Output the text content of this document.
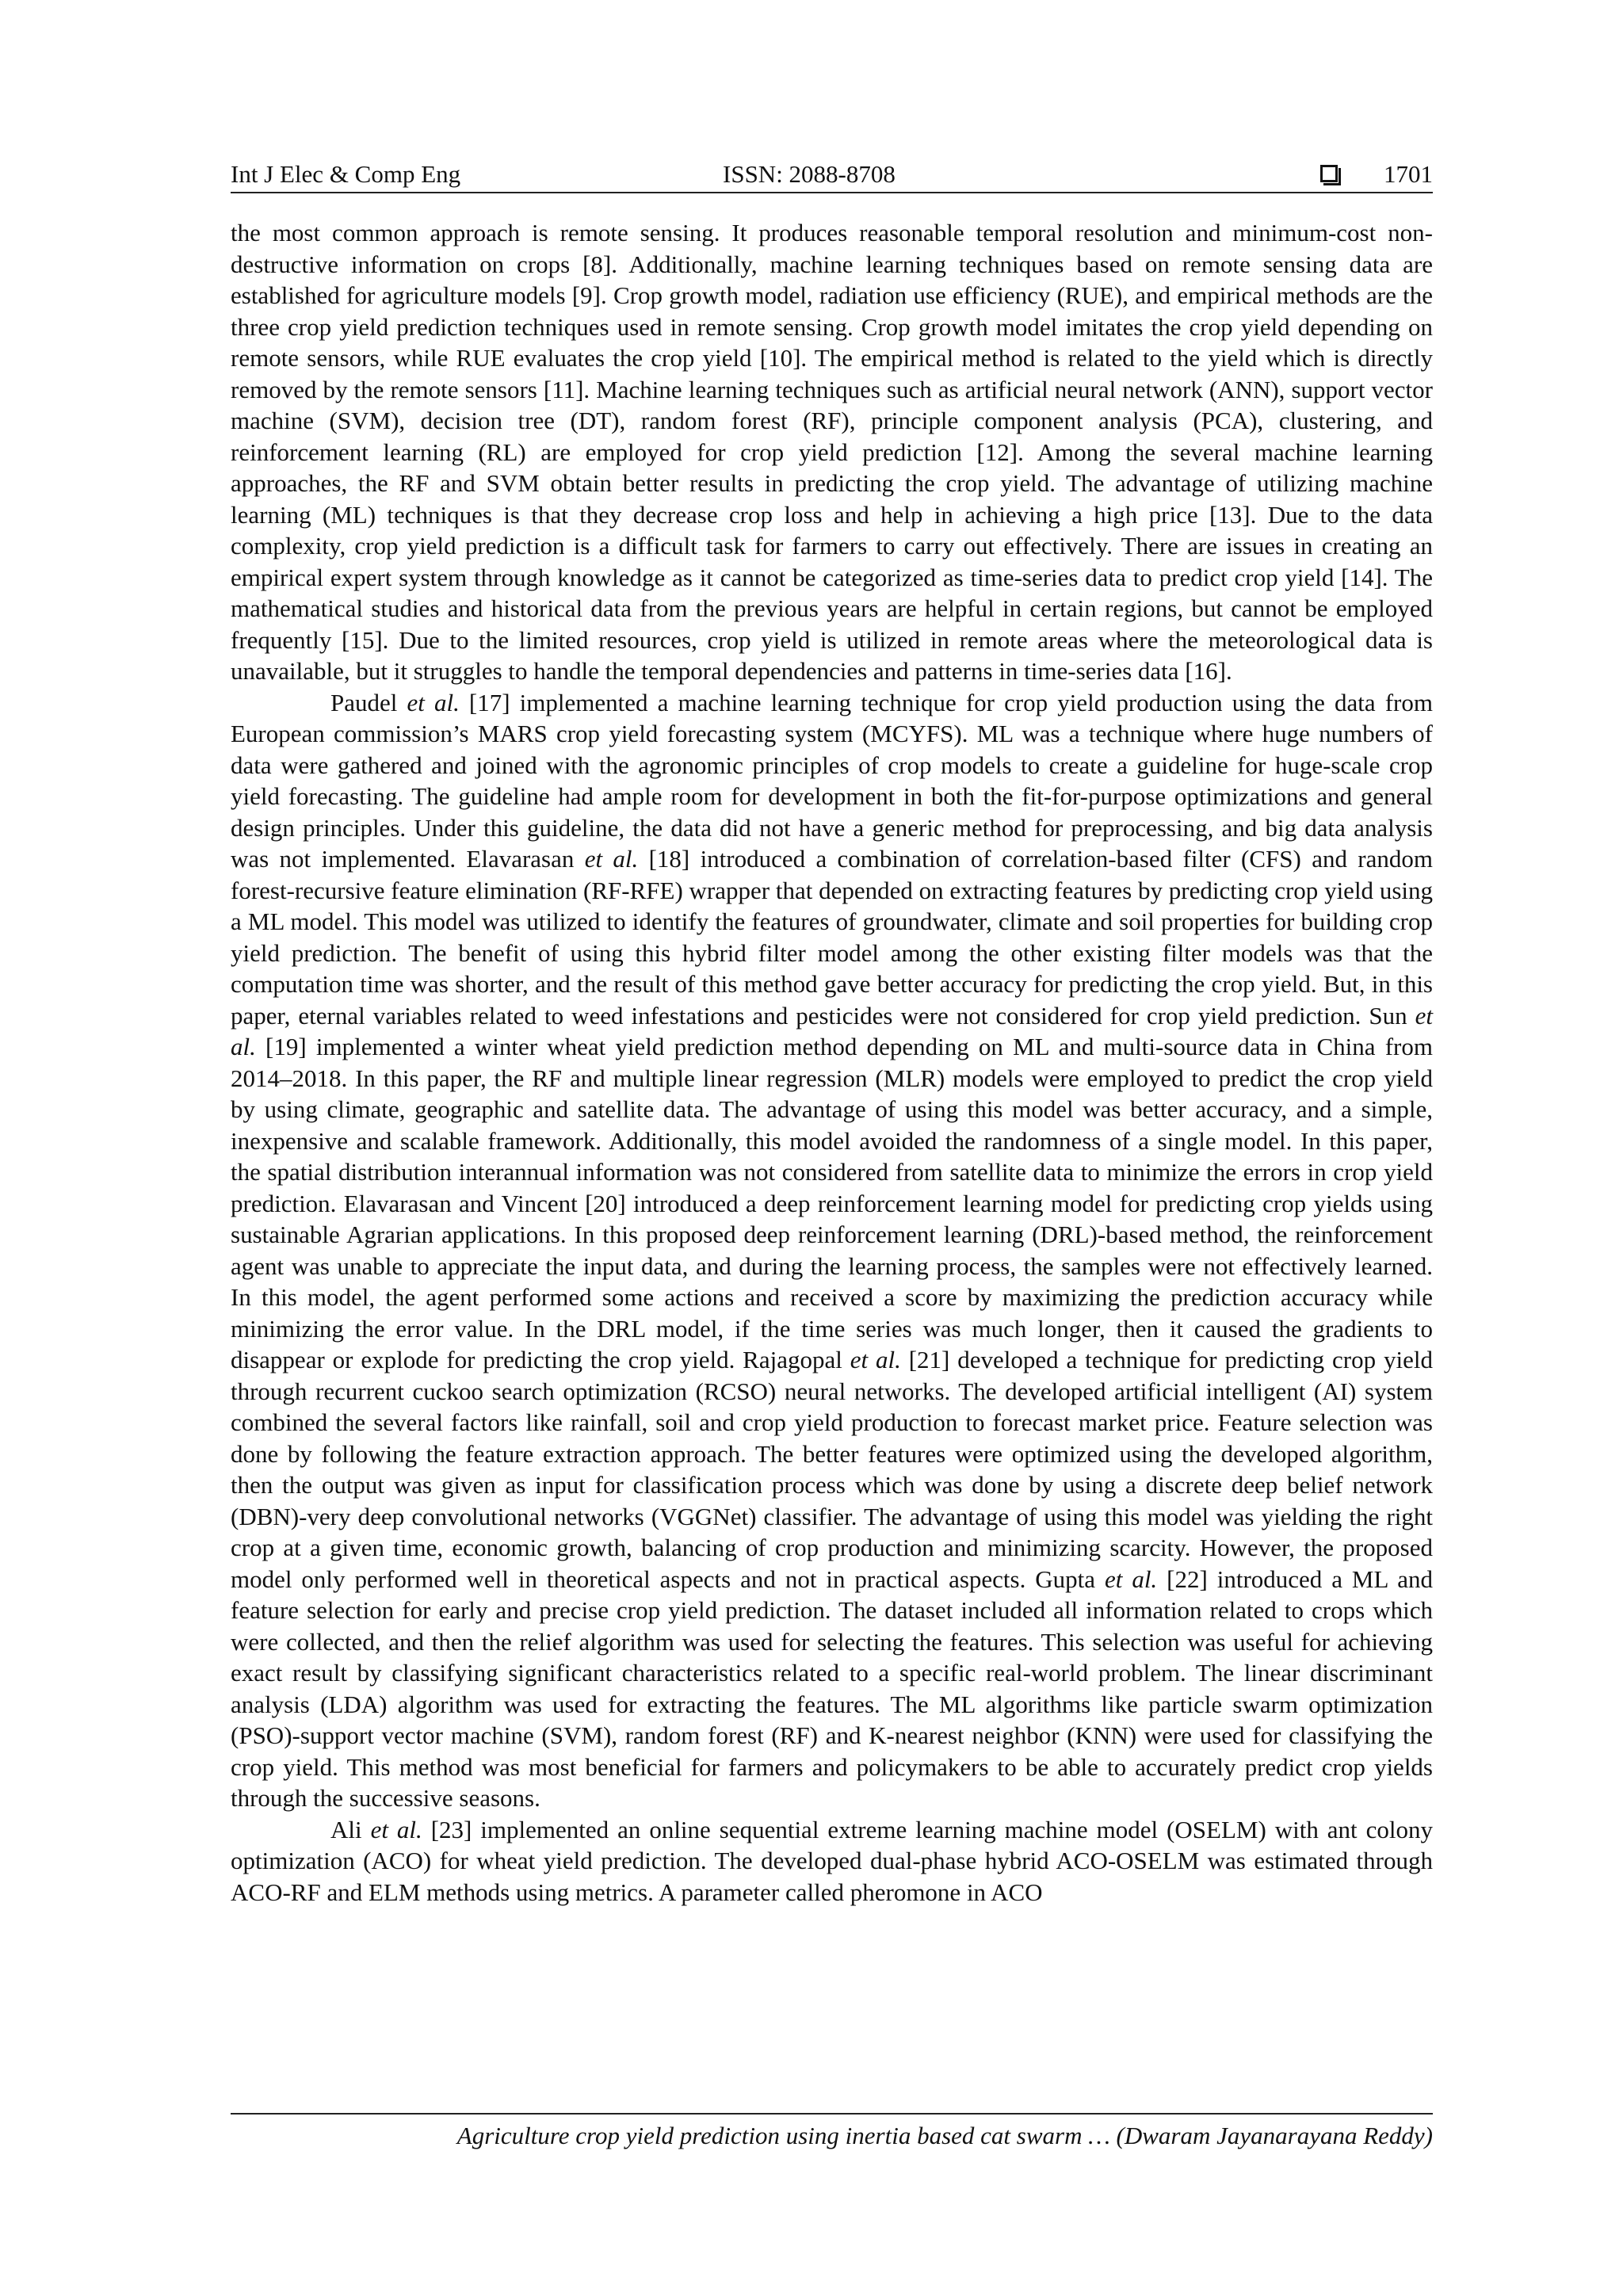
Int J Elec & Comp Eng	ISSN: 2088-8708	1701

the most common approach is remote sensing. It produces reasonable temporal resolution and minimum-cost non-destructive information on crops [8]. Additionally, machine learning techniques based on remote sensing data are established for agriculture models [9]. Crop growth model, radiation use efficiency (RUE), and empirical methods are the three crop yield prediction techniques used in remote sensing. Crop growth model imitates the crop yield depending on remote sensors, while RUE evaluates the crop yield [10]. The empirical method is related to the yield which is directly removed by the remote sensors [11]. Machine learning techniques such as artificial neural network (ANN), support vector machine (SVM), decision tree (DT), random forest (RF), principle component analysis (PCA), clustering, and reinforcement learning (RL) are employed for crop yield prediction [12]. Among the several machine learning approaches, the RF and SVM obtain better results in predicting the crop yield. The advantage of utilizing machine learning (ML) techniques is that they decrease crop loss and help in achieving a high price [13]. Due to the data complexity, crop yield prediction is a difficult task for farmers to carry out effectively. There are issues in creating an empirical expert system through knowledge as it cannot be categorized as time-series data to predict crop yield [14]. The mathematical studies and historical data from the previous years are helpful in certain regions, but cannot be employed frequently [15]. Due to the limited resources, crop yield is utilized in remote areas where the meteorological data is unavailable, but it struggles to handle the temporal dependencies and patterns in time-series data [16].

Paudel et al. [17] implemented a machine learning technique for crop yield production using the data from European commission’s MARS crop yield forecasting system (MCYFS). ML was a technique where huge numbers of data were gathered and joined with the agronomic principles of crop models to create a guideline for huge-scale crop yield forecasting. The guideline had ample room for development in both the fit-for-purpose optimizations and general design principles. Under this guideline, the data did not have a generic method for preprocessing, and big data analysis was not implemented. Elavarasan et al. [18] introduced a combination of correlation-based filter (CFS) and random forest-recursive feature elimination (RF-RFE) wrapper that depended on extracting features by predicting crop yield using a ML model. This model was utilized to identify the features of groundwater, climate and soil properties for building crop yield prediction. The benefit of using this hybrid filter model among the other existing filter models was that the computation time was shorter, and the result of this method gave better accuracy for predicting the crop yield. But, in this paper, eternal variables related to weed infestations and pesticides were not considered for crop yield prediction. Sun et al. [19] implemented a winter wheat yield prediction method depending on ML and multi-source data in China from 2014–2018. In this paper, the RF and multiple linear regression (MLR) models were employed to predict the crop yield by using climate, geographic and satellite data. The advantage of using this model was better accuracy, and a simple, inexpensive and scalable framework. Additionally, this model avoided the randomness of a single model. In this paper, the spatial distribution interannual information was not considered from satellite data to minimize the errors in crop yield prediction. Elavarasan and Vincent [20] introduced a deep reinforcement learning model for predicting crop yields using sustainable Agrarian applications. In this proposed deep reinforcement learning (DRL)-based method, the reinforcement agent was unable to appreciate the input data, and during the learning process, the samples were not effectively learned. In this model, the agent performed some actions and received a score by maximizing the prediction accuracy while minimizing the error value. In the DRL model, if the time series was much longer, then it caused the gradients to disappear or explode for predicting the crop yield. Rajagopal et al. [21] developed a technique for predicting crop yield through recurrent cuckoo search optimization (RCSO) neural networks. The developed artificial intelligent (AI) system combined the several factors like rainfall, soil and crop yield production to forecast market price. Feature selection was done by following the feature extraction approach. The better features were optimized using the developed algorithm, then the output was given as input for classification process which was done by using a discrete deep belief network (DBN)-very deep convolutional networks (VGGNet) classifier. The advantage of using this model was yielding the right crop at a given time, economic growth, balancing of crop production and minimizing scarcity. However, the proposed model only performed well in theoretical aspects and not in practical aspects. Gupta et al. [22] introduced a ML and feature selection for early and precise crop yield prediction. The dataset included all information related to crops which were collected, and then the relief algorithm was used for selecting the features. This selection was useful for achieving exact result by classifying significant characteristics related to a specific real-world problem. The linear discriminant analysis (LDA) algorithm was used for extracting the features. The ML algorithms like particle swarm optimization (PSO)-support vector machine (SVM), random forest (RF) and K-nearest neighbor (KNN) were used for classifying the crop yield. This method was most beneficial for farmers and policymakers to be able to accurately predict crop yields through the successive seasons.

Ali et al. [23] implemented an online sequential extreme learning machine model (OSELM) with ant colony optimization (ACO) for wheat yield prediction. The developed dual-phase hybrid ACO-OSELM was estimated through ACO-RF and ELM methods using metrics. A parameter called pheromone in ACO

Agriculture crop yield prediction using inertia based cat swarm … (Dwaram Jayanarayana Reddy)
